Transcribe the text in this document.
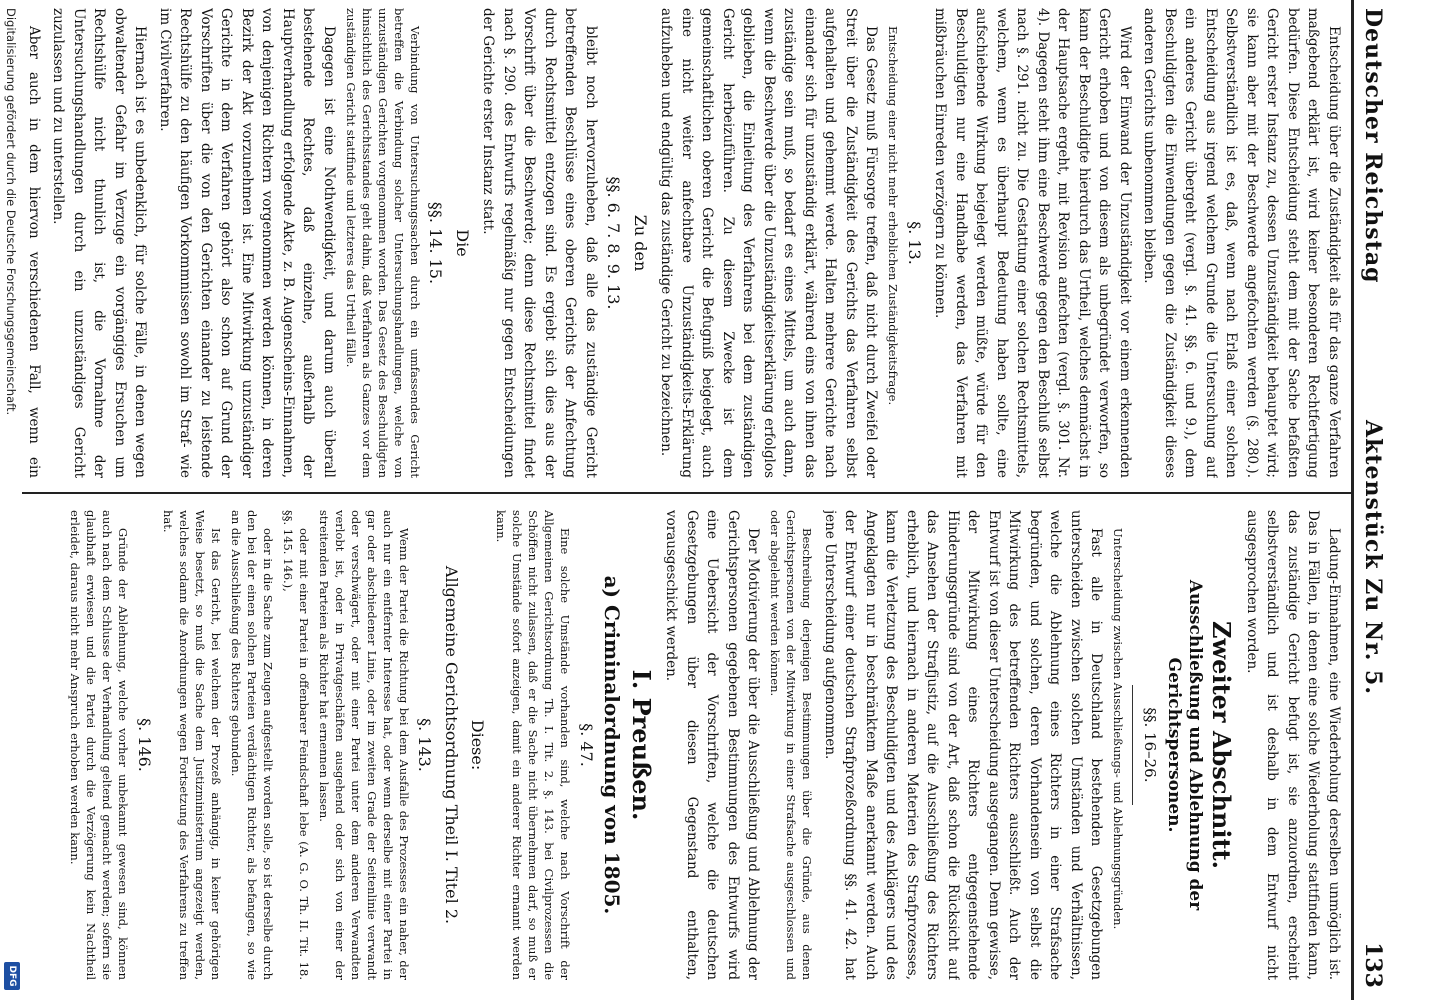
Deutscher Reichstag
Aktenstück Zu Nr. 5.
133

Entscheidung über die Zuständigkeit als für das ganze Verfahren maßgebend erklärt ist, wird keiner besonderen Rechtfertigung bedürfen. Diese Entscheidung steht dem mit der Sache befaßten Gericht erster Instanz zu, dessen Unzuständigkeit behauptet wird; sie kann aber mit der Beschwerde angefochten werden (§. 280.). Selbstverständlich ist es, daß, wenn nach Erlaß einer solchen Entscheidung aus irgend welchem Grunde die Untersuchung auf ein anderes Gericht übergeht (vergl. §. 41. §§. 6. und 9.), dem Beschuldigten die Einwendungen gegen die Zuständigkeit dieses anderen Gerichts unbenommen bleiben.

Wird der Einwand der Unzuständigkeit vor einem erkennenden Gericht erhoben und von diesem als unbegründet verworfen, so kann der Beschuldigte hierdurch das Urtheil, welches demnächst in der Hauptsache ergeht, mit Revision anfechten (vergl. §. 301. Nr. 4). Dagegen steht ihm eine Beschwerde gegen den Beschluß selbst nach §. 291. nicht zu. Die Gestattung einer solchen Rechtsmittels, welchem, wenn es überhaupt Bedeutung haben sollte, eine aufschiebende Wirkung beigelegt werden müßte, würde für den Beschuldigten nur eine Handhabe werden, das Verfahren mit mißbräuchen Einreden verzögern zu können.

§. 13.

Entscheidung einer nicht mehr erheblichen Zuständigkeitsfrage.

Das Gesetz muß Fürsorge treffen, daß nicht durch Zweifel oder Streit über die Zuständigkeit des Gerichts das Verfahren selbst aufgehalten und gehemmt werde. Halten mehrere Gerichte nach einander sich für unzuständig erklärt, während eins von ihnen das zuständige sein muß, so bedarf es eines Mittels, um auch dann, wenn die Beschwerde über die Unzuständigkeitserklärung erfolglos geblieben, die Einleitung des Verfahrens bei dem zuständigen Gericht herbeizuführen. Zu diesem Zwecke ist dem gemeinschaftlichen oberen Gericht die Befugniß beigelegt, auch eine nicht weiter anfechtbare Unzuständigkeits-Erklärung aufzuheben und endgültig das zuständige Gericht zu bezeichnen.

Zu den

§§. 6. 7. 8. 9. 13.

bleibt noch hervorzuheben, daß alle das zuständige Gericht betreffenden Beschlüsse eines oberen Gerichts der Anfechtung durch Rechtsmittel entzogen sind. Es ergiebt sich dies aus der Vorschrift über die Beschwerde; denn diese Rechtsmittel findet nach §. 290. des Entwurfs regelmäßig nur gegen Entscheidungen der Gerichte erster Instanz statt.

Die

§§. 14. 15.

Verbindung von Untersuchungssachen durch ein umfassendes Gericht betreffen die Verbindung solcher Untersuchungshandlungen, welche von unzuständigen Gerichten vorgenommen worden. Das Gesetz des Beschuldigten hinsichtlich des Gerichtsstandes geht dahin, daß Verfahren als Ganzes vor dem zuständigen Gericht stattfinde und letzteres das Urtheil fälle.

Dagegen ist eine Nothwendigkeit, und darum auch überall bestehende Rechtes, daß einzelne, außerhalb der Hauptverhandlung erfolgende Akte, z. B. Augenscheins-Einnahmen, von denjenigen Richtern vorgenommen werden können, in deren Bezirk der Akt vorzunehmen ist. Eine Mitwirkung unzuständiger Gerichte in dem Verfahren gehört also schon auf Grund der Vorschriften über die von den Gerichten einander zu leistende Rechtshülfe zu den häufigen Vorkommnissen sowohl im Straf- wie im Civilverfahren.

Hiernach ist es unbedenklich, für solche Fälle, in denen wegen obwaltender Gefahr im Verzuge ein vorgängiges Ersuchen um Rechtshülfe nicht thunlich ist, die Vornahme der Untersuchungshandlungen durch ein unzuständiges Gericht zuzulassen und zu unterstellen.

Aber auch in dem hiervon verschiedenen Fall, wenn ein

Ladung-Einnahmen, eine Wiederholung derselben unmöglich ist. Das in Fällen, in denen eine solche Wiederholung stattfinden kann, das zuständige Gericht befugt ist, sie anzuordnen, erscheint selbstverständlich und ist deshalb in dem Entwurf nicht ausgesprochen worden.

Zweiter Abschnitt.

Ausschließung und Ablehnung der Gerichtspersonen.

§§. 16–26.

Unterscheidung zwischen Ausschließungs- und Ablehnungsgründen.

Fast alle in Deutschland bestehenden Gesetzgebungen unterscheiden zwischen solchen Umständen und Verhältnissen, welche die Ablehnung eines Richters in einer Strafsache begründen, und solchen, deren Vorhandensein von selbst die Mitwirkung des betreffenden Richters ausschließt. Auch der Entwurf ist von dieser Unterscheidung ausgegangen. Denn gewisse, der Mitwirkung eines Richters entgegenstehende Hinderungsgründe sind von der Art, daß schon die Rücksicht auf das Ansehen der Strafjustiz, auf die Ausschließung des Richters erheblich, und hiernach in anderen Materien des Strafprozesses, kann die Verletzung des Beschuldigten und des Anklägers und des Angeklagten nur in beschränktem Maße anerkannt werden. Auch der Entwurf einer deutschen Strafprozeßordnung §§. 41. 42. hat jene Unterscheidung aufgenommen.

Beschreibung derjenigen Bestimmungen über die Gründe, aus denen Gerichtspersonen von der Mitwirkung in einer Strafsache ausgeschlossen und oder abgelehnt werden können.

Der Motivierung der über die Ausschließung und Ablehnung der Gerichtspersonen gegebenen Bestimmungen des Entwurfs wird eine Uebersicht der Vorschriften, welche die deutschen Gesetzgebungen über diesen Gegenstand enthalten, vorausgeschickt werden.

I. Preußen.

a) Criminalordnung von 1805.

§. 47.

Eine solche Umstände vorhanden sind, welche nach Vorschrift der Allgemeinen Gerichtsordnung Th. I. Tit. 2. §. 143. bei Civilprozessen die Schöffen nicht zulassen, daß er die Sache nicht übernehmen darf, so muß er solche Umstände sofort anzeigen, damit ein anderer Richter ernannt werden kann.

Diese:

Allgemeine Gerichtsordnung Theil I. Titel 2.

§. 143.

Wenn der Partei die Richtung bei dem Ausfalle des Prozesses ein naher, der auch nur ein entfernter Interesse hat, oder wenn derselbe mit einer Partei in gar oder abschiedener Linie, oder im zweiten Grade der Seitenlinie verwandt oder verschwägert, oder mit einer Partei unter dem anderen Verwandten verlobt ist, oder in Privatgeschäften ausgehend oder sich von einer der streitenden Parteien als Richter hat ernennen lassen.

oder mit einer Partei in offenbarer Feindschaft lebe (A. G. O. Th. II. Tit. 18. §§. 145. 146.),

oder in die Sache zum Zeugen aufgestellt worden solle, so ist derselbe durch den bei der einen solchen Parteien verdächtigen Richter, als befangen, so wie an die Ausschließung des Richters gebunden.

Ist das Gericht, bei welchem der Prozeß anhängig, in keiner gehörigen Weise besetzt, so muß die Sache dem Justizministerium angezeigt werden, welches sodann die Anordnungen wegen Fortsetzung des Verfahrens zu treffen hat.

§. 146.

Gründe der Ablehnung, welche vorher unbekannt gewesen sind, können auch nach dem Schlusse der Verhandlung geltend gemacht werden; sofern sie glaubhaft erwiesen und die Partei durch die Verzögerung kein Nachtheil erleidet, daraus nicht mehr Anspruch erhoben werden kann.

Digitalisierung gefördert durch die Deutsche Forschungsgemeinschaft.
DFG
